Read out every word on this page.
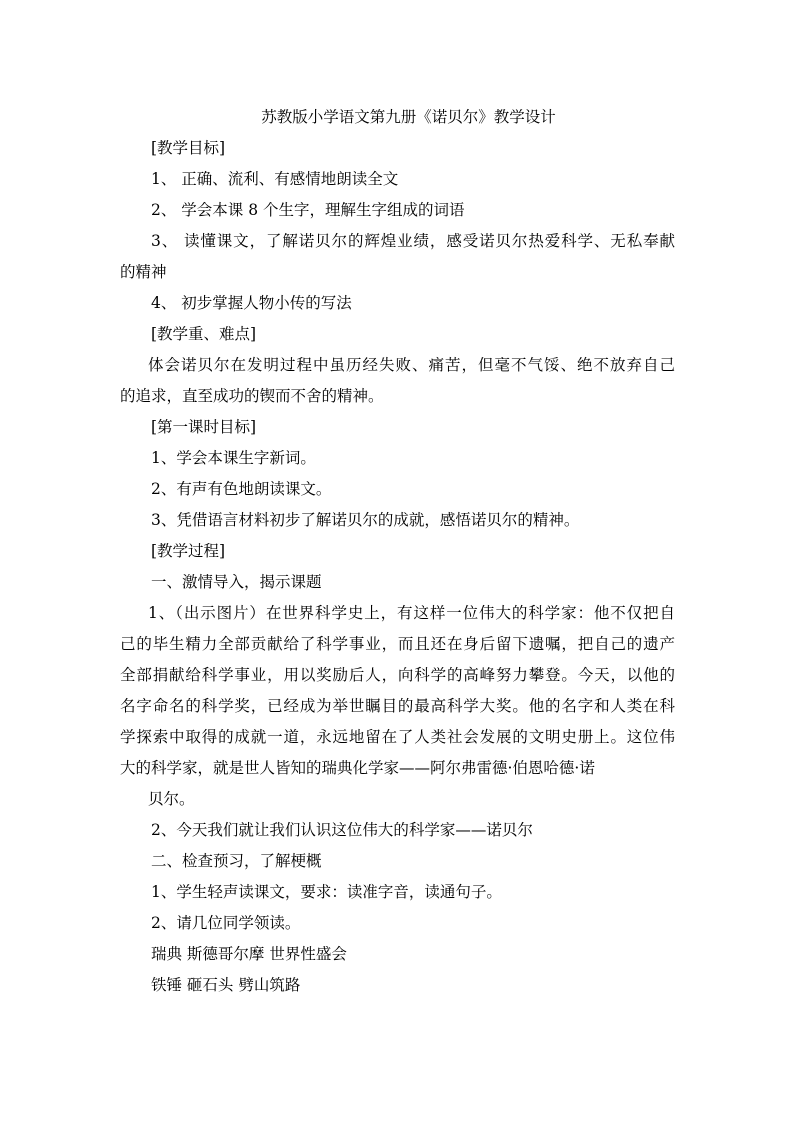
苏教版小学语文第九册《诺贝尔》教学设计
[教学目标]
1、 正确、流利、有感情地朗读全文
2、 学会本课 8 个生字，理解生字组成的词语
3、 读懂课文，了解诺贝尔的辉煌业绩，感受诺贝尔热爱科学、无私奉献
的精神
4、 初步掌握人物小传的写法
[教学重、难点]
体会诺贝尔在发明过程中虽历经失败、痛苦，但毫不气馁、绝不放弃自己
的追求，直至成功的锲而不舍的精神。
[第一课时目标]
1、学会本课生字新词。
2、有声有色地朗读课文。
3、凭借语言材料初步了解诺贝尔的成就，感悟诺贝尔的精神。
[教学过程]
一、激情导入，揭示课题
1、（出示图片）在世界科学史上，有这样一位伟大的科学家：他不仅把自
己的毕生精力全部贡献给了科学事业，而且还在身后留下遗嘱，把自己的遗产
全部捐献给科学事业，用以奖励后人，向科学的高峰努力攀登。今天，以他的
名字命名的科学奖，已经成为举世瞩目的最高科学大奖。他的名字和人类在科
学探索中取得的成就一道，永远地留在了人类社会发展的文明史册上。这位伟
大的科学家，就是世人皆知的瑞典化学家——阿尔弗雷德·伯恩哈德·诺
贝尔。
2、今天我们就让我们认识这位伟大的科学家——诺贝尔
二、检查预习，了解梗概
1、学生轻声读课文，要求：读准字音，读通句子。
2、请几位同学领读。
瑞典 斯德哥尔摩 世界性盛会
铁锤 砸石头 劈山筑路
